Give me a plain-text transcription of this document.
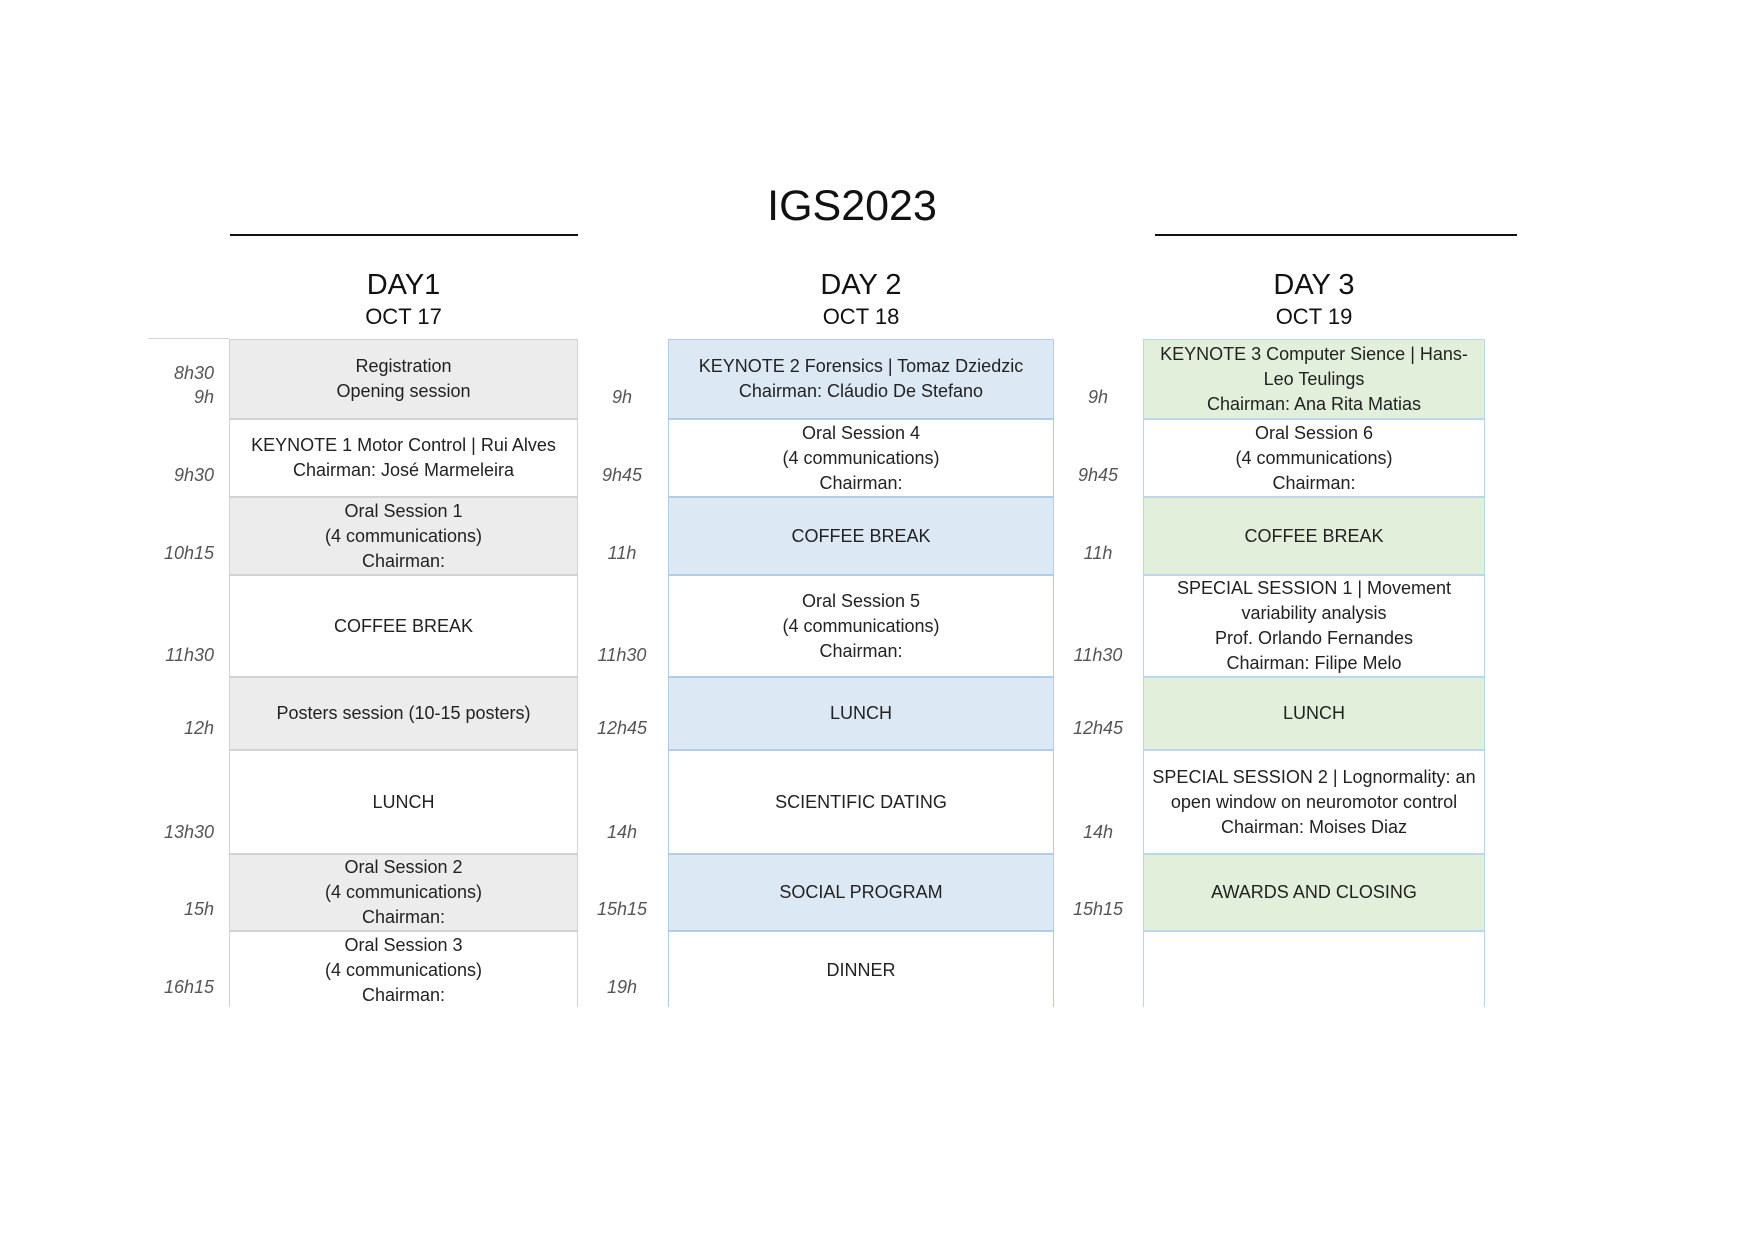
IGS2023
DAY1
OCT 17
8h30
9h
9h30
10h15
11h30
12h
13h30
15h
16h15
Registration
Opening session
KEYNOTE 1 Motor Control | Rui Alves
Chairman: José Marmeleira
Oral Session 1
(4 communications)
Chairman:
COFFEE BREAK
Posters session (10-15 posters)
LUNCH
Oral Session 2
(4 communications)
Chairman:
Oral Session 3
(4 communications)
Chairman:
DAY 2
OCT 18
9h
9h45
11h
11h30
12h45
14h
15h15
19h
KEYNOTE 2 Forensics | Tomaz Dziedzic
Chairman: Cláudio De Stefano
Oral Session 4
(4 communications)
Chairman:
COFFEE BREAK
Oral Session 5
(4 communications)
Chairman:
LUNCH
SCIENTIFIC DATING
SOCIAL PROGRAM
DINNER
DAY 3
OCT 19
9h
9h45
11h
11h30
12h45
14h
15h15
KEYNOTE 3 Computer Sience | Hans-Leo Teulings
Chairman: Ana Rita Matias
Oral Session 6
(4 communications)
Chairman:
COFFEE BREAK
SPECIAL SESSION 1 | Movement variability analysis
Prof. Orlando Fernandes
Chairman: Filipe Melo
LUNCH
SPECIAL SESSION 2 | Lognormality: an open window on neuromotor control
Chairman: Moises Diaz
AWARDS AND CLOSING
